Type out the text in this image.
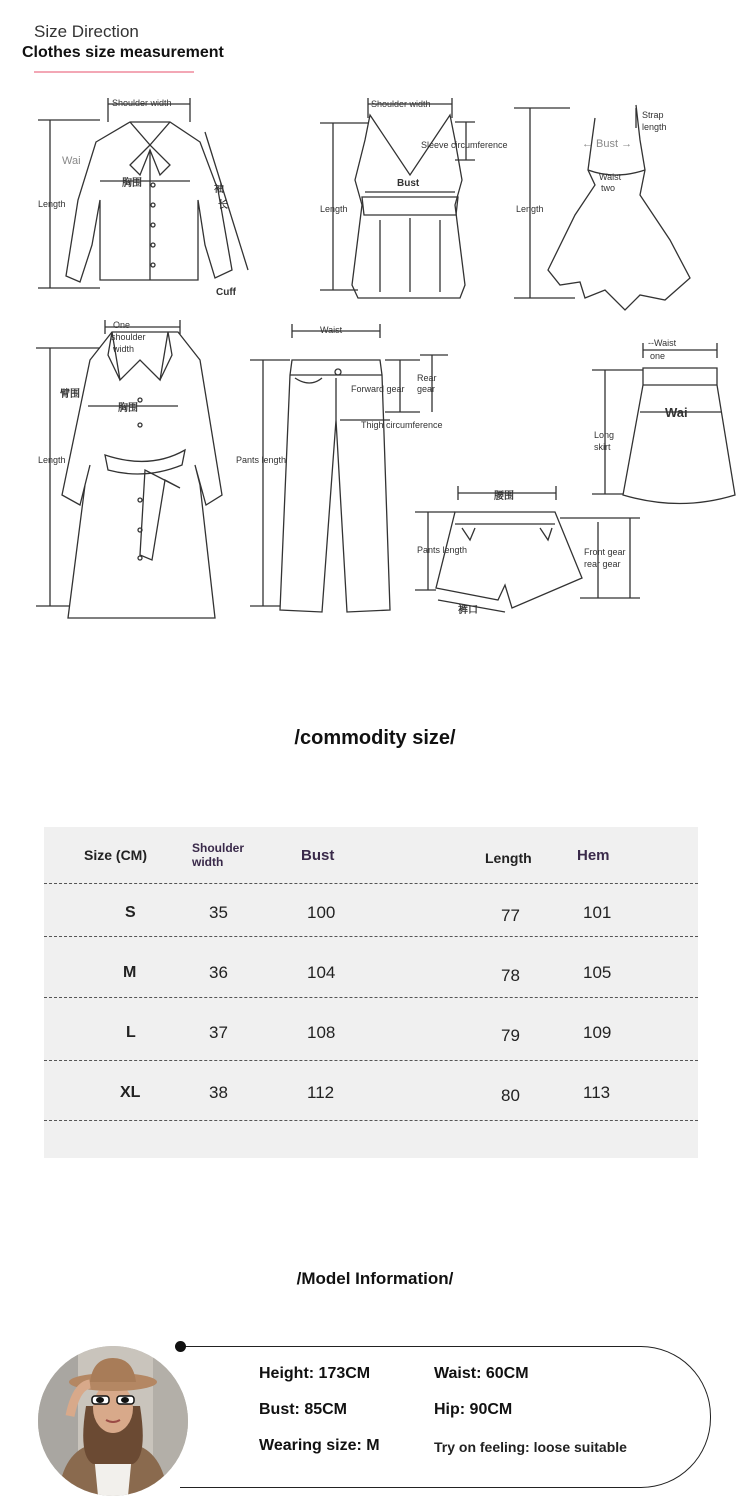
Size Direction
Clothes size measurement
Shoulder width
Wai
Length
胸围
袖
长
Cuff
Shoulder width
Sleeve circumference
Bust
Length
Strap
length
← Bust →
Waist
two
Length
One
shoulder
width
臂围
胸围
Length
Waist
Rear
gear
Forward gear
Thigh circumference
Pants length
--Waist
one
Wai
Long
skirt
腰围
Pants length	Front gear
rear gear
裤口
/commodity size/
Size (CM)	Shoulder width	Bust	Length	Hem
S	35	100	77	101
M	36	104	78	105
L	37	108	79	109
XL	38	112	80	113
/Model Information/
Height: 173CM	Waist: 60CM
Bust: 85CM	Hip: 90CM
Wearing size: M	Try on feeling: loose suitable
